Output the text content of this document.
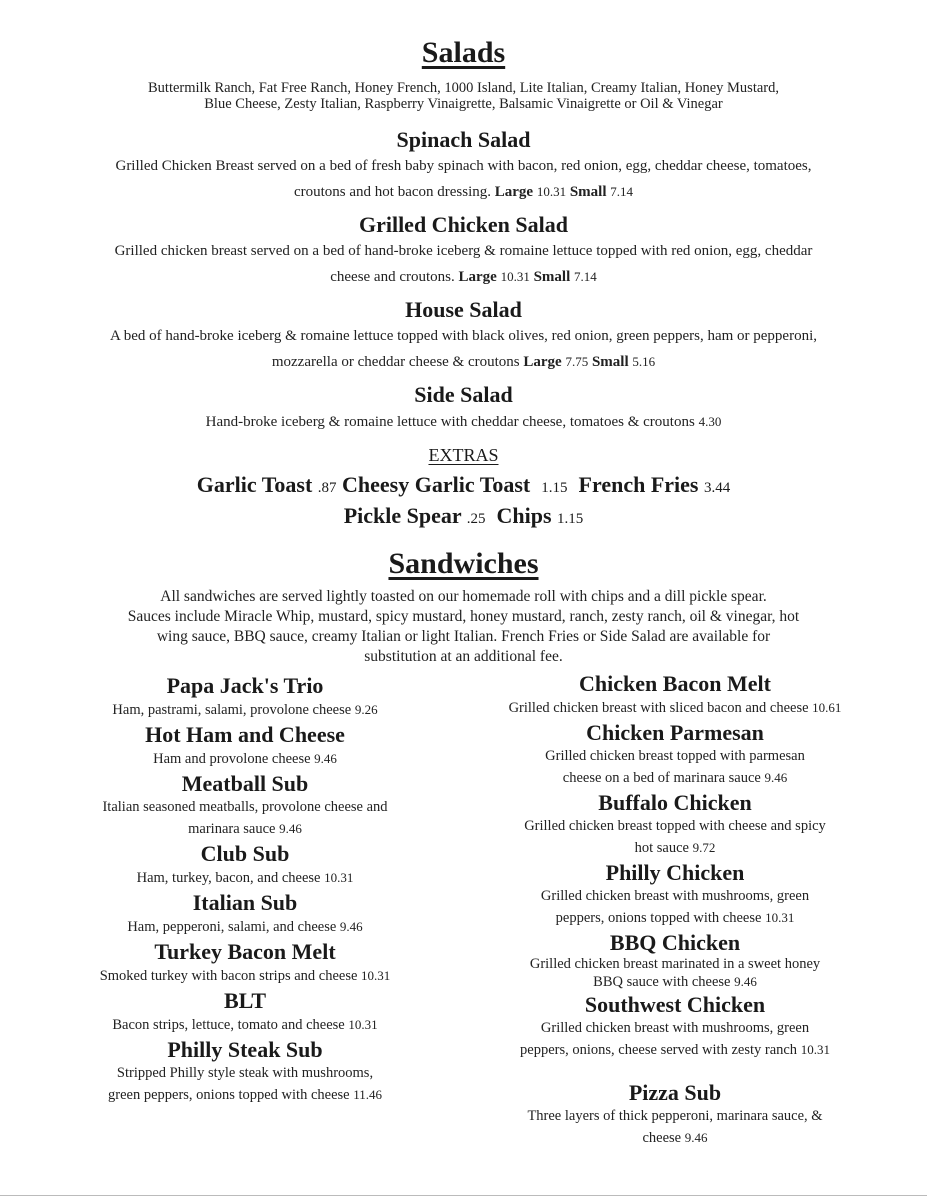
Salads
Buttermilk Ranch, Fat Free Ranch, Honey French, 1000 Island, Lite Italian, Creamy Italian, Honey Mustard,
Blue Cheese, Zesty Italian, Raspberry Vinaigrette, Balsamic Vinaigrette or Oil & Vinegar
Spinach Salad
Grilled Chicken Breast served on a bed of fresh baby spinach with bacon, red onion, egg, cheddar cheese, tomatoes,
croutons and hot bacon dressing. Large 10.31 Small 7.14
Grilled Chicken Salad
Grilled chicken breast served on a bed of hand-broke iceberg & romaine lettuce topped with red onion, egg, cheddar
cheese and croutons. Large 10.31 Small 7.14
House Salad
A bed of hand-broke iceberg & romaine lettuce topped with black olives, red onion, green peppers, ham or pepperoni,
mozzarella or cheddar cheese & croutons Large 7.75 Small 5.16
Side Salad
Hand-broke iceberg & romaine lettuce with cheddar cheese, tomatoes & croutons 4.30
EXTRAS
Garlic Toast .87 Cheesy Garlic Toast 1.15 French Fries 3.44
Pickle Spear .25 Chips 1.15
Sandwiches
All sandwiches are served lightly toasted on our homemade roll with chips and a dill pickle spear.
Sauces include Miracle Whip, mustard, spicy mustard, honey mustard, ranch, zesty ranch, oil & vinegar, hot
wing sauce, BBQ sauce, creamy Italian or light Italian. French Fries or Side Salad are available for
substitution at an additional fee.
Papa Jack's Trio
Ham, pastrami, salami, provolone cheese 9.26
Hot Ham and Cheese
Ham and provolone cheese 9.46
Meatball Sub
Italian seasoned meatballs, provolone cheese and
marinara sauce 9.46
Club Sub
Ham, turkey, bacon, and cheese 10.31
Italian Sub
Ham, pepperoni, salami, and cheese 9.46
Turkey Bacon Melt
Smoked turkey with bacon strips and cheese 10.31
BLT
Bacon strips, lettuce, tomato and cheese 10.31
Philly Steak Sub
Stripped Philly style steak with mushrooms,
green peppers, onions topped with cheese 11.46
Chicken Bacon Melt
Grilled chicken breast with sliced bacon and cheese 10.61
Chicken Parmesan
Grilled chicken breast topped with parmesan
cheese on a bed of marinara sauce 9.46
Buffalo Chicken
Grilled chicken breast topped with cheese and spicy
hot sauce 9.72
Philly Chicken
Grilled chicken breast with mushrooms, green
peppers, onions topped with cheese 10.31
BBQ Chicken
Grilled chicken breast marinated in a sweet honey
BBQ sauce with cheese 9.46
Southwest Chicken
Grilled chicken breast with mushrooms, green
peppers, onions, cheese served with zesty ranch 10.31
Pizza Sub
Three layers of thick pepperoni, marinara sauce, &
cheese 9.46
